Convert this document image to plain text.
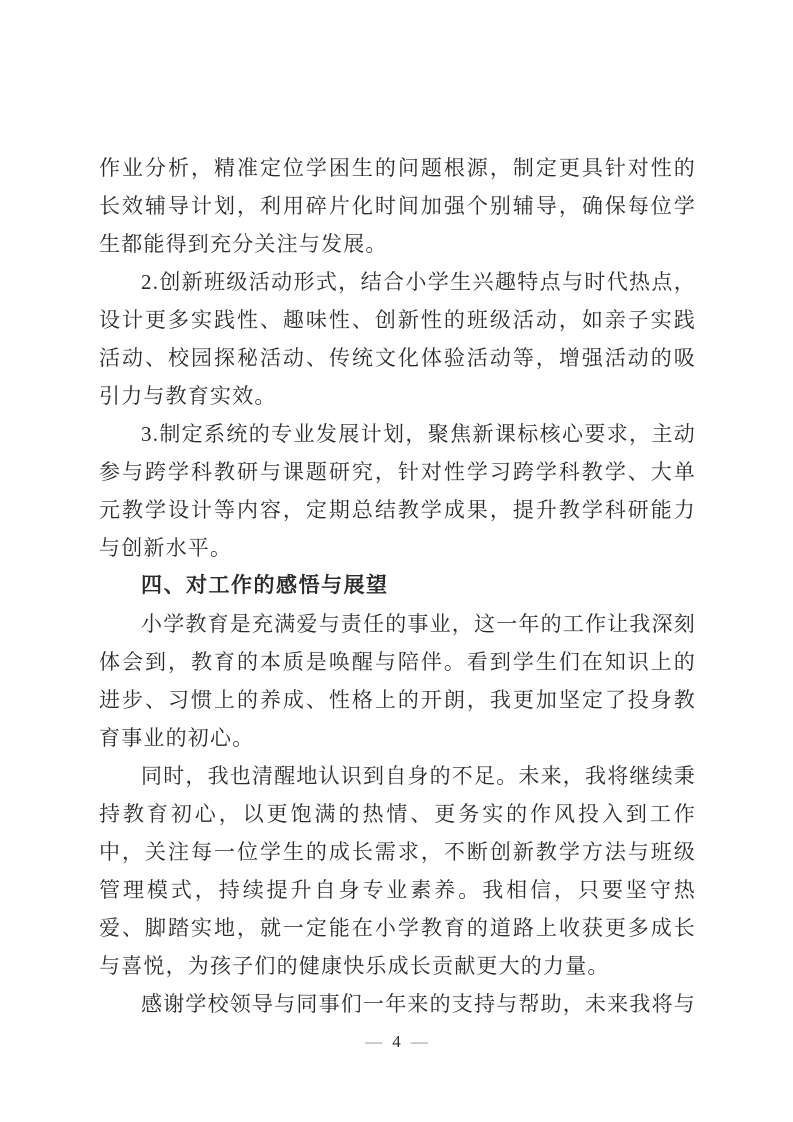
作业分析，精准定位学困生的问题根源，制定更具针对性的长效辅导计划，利用碎片化时间加强个别辅导，确保每位学生都能得到充分关注与发展。

2.创新班级活动形式，结合小学生兴趣特点与时代热点，设计更多实践性、趣味性、创新性的班级活动，如亲子实践活动、校园探秘活动、传统文化体验活动等，增强活动的吸引力与教育实效。

3.制定系统的专业发展计划，聚焦新课标核心要求，主动参与跨学科教研与课题研究，针对性学习跨学科教学、大单元教学设计等内容，定期总结教学成果，提升教学科研能力与创新水平。

四、对工作的感悟与展望

小学教育是充满爱与责任的事业，这一年的工作让我深刻体会到，教育的本质是唤醒与陪伴。看到学生们在知识上的进步、习惯上的养成、性格上的开朗，我更加坚定了投身教育事业的初心。

同时，我也清醒地认识到自身的不足。未来，我将继续秉持教育初心，以更饱满的热情、更务实的作风投入到工作中，关注每一位学生的成长需求，不断创新教学方法与班级管理模式，持续提升自身专业素养。我相信，只要坚守热爱、脚踏实地，就一定能在小学教育的道路上收获更多成长与喜悦，为孩子们的健康快乐成长贡献更大的力量。

感谢学校领导与同事们一年来的支持与帮助，未来我将与

— 4 —
